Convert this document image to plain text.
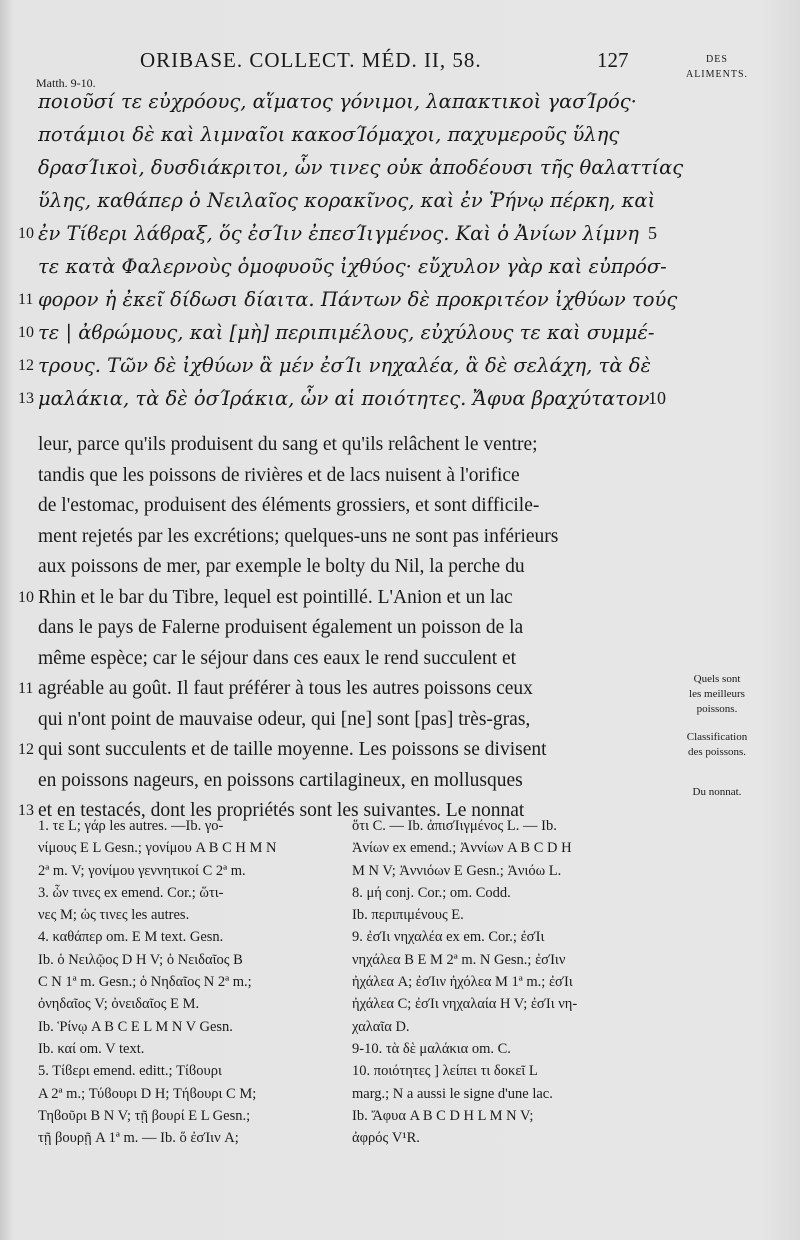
ORIBASE. COLLECT. MÉD. II, 58.	127	DES
ALIMENTS.
Matth. 9-10.
ποιοῦσί τε εὐχρόους, αἵματος γόνιμοι, λαπακτικοὶ γασΊρός·
ποτάμιοι δὲ καὶ λιμναῖοι κακοσΊόμαχοι, παχυμεροῦς ὕλης
δρασΊικοὶ, δυσδιάκριτοι, ὧν τινες οὐκ ἀποδέουσι τῆς θαλαττίας
ὕλης, καθάπερ ὁ Νειλαῖος κορακῖνος, καὶ ἐν Ῥήνῳ πέρκη, καὶ
10 ἐν Τίϐερι λάϐραξ, ὅς ἐσΊιν ἐπεσΊιγμένος. Καὶ ὁ Ἀνίων λίμνη 5
τε κατὰ Φαλερνοὺς ὁμοφυοῦς ἰχθύος· εὔχυλον γὰρ καὶ εὐπρόσ-
11 φορον ἡ ἐκεῖ δίδωσι δίαιτα. Πάντων δὲ προκριτέον ἰχθύων τούς
10 τε | ἀϐρώμους, καὶ [μὴ] περιπιμέλους, εὐχύλους τε καὶ συμμέ-
12 τρους. Τῶν δὲ ἰχθύων ἃ μέν ἐσΊι νηχαλέα, ἃ δὲ σελάχη, τὰ δὲ
13 μαλάκια, τὰ δὲ ὀσΊράκια, ὧν αἱ ποιότητες. Ἄφυα βραχύτατον
10
leur, parce qu'ils produisent du sang et qu'ils relâchent le ventre;
tandis que les poissons de rivières et de lacs nuisent à l'orifice
de l'estomac, produisent des éléments grossiers, et sont difficile-
ment rejetés par les excrétions; quelques-uns ne sont pas inférieurs
aux poissons de mer, par exemple le bolty du Nil, la perche du
10 Rhin et le bar du Tibre, lequel est pointillé. L'Anion et un lac
dans le pays de Falerne produisent également un poisson de la
même espèce; car le séjour dans ces eaux le rend succulent et
11 agréable au goût. Il faut préférer à tous les autres poissons ceux
qui n'ont point de mauvaise odeur, qui [ne] sont [pas] très-gras,
12 qui sont succulents et de taille moyenne. Les poissons se divisent
en poissons nageurs, en poissons cartilagineux, en mollusques
13 et en testacés, dont les propriétés sont les suivantes. Le nonnat
Quels sont
les meilleurs
poissons.
Classification
des poissons.
Du nonnat.
1. τε L; γάρ les autres. —Ib. γο-
νίμους E L Gesn.; γονίμου A B C H M N
2ª m. V; γονίμου γεννητικοί C 2ª m.
3. ὧν τινες ex emend. Cor.; ὥτι-
νες M; ὡς τινες les autres.
4. καθάπερ om. E M text. Gesn.
Ib. ὁ Νειλῷος D H V; ὁ Νειδαῖος B
C N 1ª m. Gesn.; ὁ Νηδαῖος N 2ª m.;
ὀνηδαῖος V; ὀνειδαῖος E M.
Ib. Ῥίνῳ A B C E L M N V Gesn.
Ib. καί om. V text.
5. Τίϐερι emend. editt.; Τίϐουρι
A 2ª m.; Τύϐουρι D H; Τήϐουρι C M;
Τηϐοῦρι B N V; τῇ βουρί E L Gesn.;
τῇ βουρῇ A 1ª m. — Ib. ὅ ἐσΊιν A;
ὅτι C. — Ib. ἀπισΊιγμένος L. — Ib.
Ἀνίων ex emend.; Ἀννίων A B C D H
M N V; Ἀννιόων E Gesn.; Ἀνιόω L.
8. μή conj. Cor.; om. Codd.
Ib. περιπιμένους E.
9. ἐσΊι νηχαλέα ex em. Cor.; ἐσΊι
νηχάλεα B E M 2ª m. N Gesn.; ἐσΊιν
ἠχάλεα A; ἐσΊιν ἠχόλεα M 1ª m.; ἐσΊι
ἠχάλεα C; ἐσΊι νηχαλαία H V; ἐσΊι νη-
χαλαῖα D.
9-10. τὰ δὲ μαλάκια om. C.
10. ποιότητες ] λείπει τι δοκεῖ L
marg.; N a aussi le signe d'une lac.
Ib. Ἄφυα A B C D H L M N V;
ἀφρός V¹R.
